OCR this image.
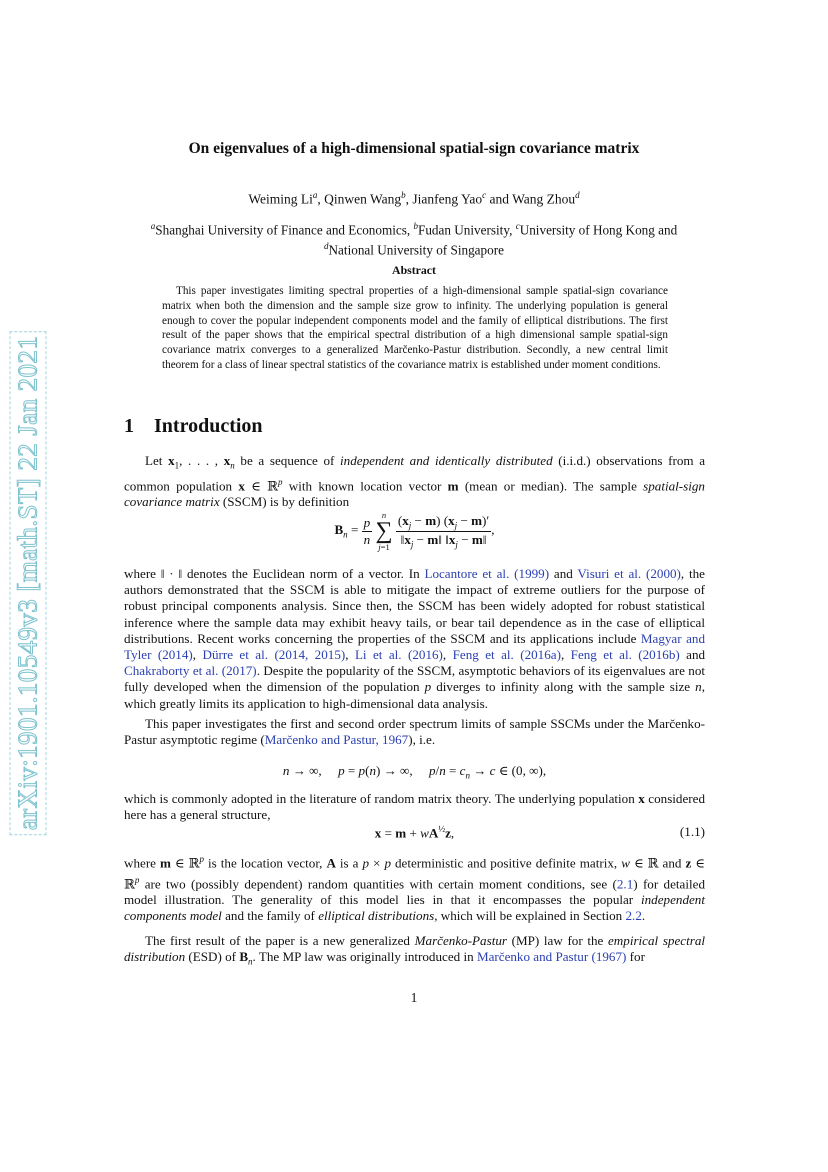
arXiv:1901.10549v3 [math.ST] 22 Jan 2021
On eigenvalues of a high-dimensional spatial-sign covariance matrix
Weiming Li$^a$, Qinwen Wang$^b$, Jianfeng Yao$^c$ and Wang Zhou$^d$
$^a$Shanghai University of Finance and Economics, $^b$Fudan University, $^c$University of Hong Kong and
$^d$National University of Singapore
Abstract
This paper investigates limiting spectral properties of a high-dimensional sample spatial-sign covariance matrix when both the dimension and the sample size grow to infinity. The underlying population is general enough to cover the popular independent components model and the family of elliptical distributions. The first result of the paper shows that the empirical spectral distribution of a high dimensional sample spatial-sign covariance matrix converges to a generalized Marčenko-Pastur distribution. Secondly, a new central limit theorem for a class of linear spectral statistics of the covariance matrix is established under moment conditions.
1 Introduction
Let $x_1$, . . . , $x_n$ be a sequence of independent and identically distributed (i.i.d.) observations from a common population x ∈ ℝ$^p$ with known location vector m (mean or median). The sample spatial-sign covariance matrix (SSCM) is by definition
$B_n = \frac{p}{n}$
	n
∑
j=1
$\frac{(x_j - m) (x_j - m)'}{‖x_j - m‖ ‖x_j - m‖}$ ,
where ‖ · ‖ denotes the Euclidean norm of a vector. In Locantore et al. (1999) and Visuri et al. (2000), the authors demonstrated that the SSCM is able to mitigate the impact of extreme outliers for the purpose of robust principal components analysis. Since then, the SSCM has been widely adopted for robust statistical inference where the sample data may exhibit heavy tails, or bear tail dependence as in the case of elliptical distributions. Recent works concerning the properties of the SSCM and its applications include Magyar and Tyler (2014), Dürre et al. (2014, 2015), Li et al. (2016), Feng et al. (2016a), Feng et al. (2016b) and Chakraborty et al. (2017). Despite the popularity of the SSCM, asymptotic behaviors of its eigenvalues are not fully developed when the dimension of the population p diverges to infinity along with the sample size n, which greatly limits its application to high-dimensional data analysis.
This paper investigates the first and second order spectrum limits of sample SSCMs under the Marčenko-Pastur asymptotic regime (Marčenko and Pastur, 1967), i.e.
n → ∞,     p = p(n) → ∞,     $p/n = c_n \to c$ ∈ (0, ∞),
which is commonly adopted in the literature of random matrix theory. The underlying population x considered here has a general structure,
$x = m + wA^{\frac{1}{2}}z$,	(1.1)
where m ∈ ℝ$^p$ is the location vector, A is a p × p deterministic and positive definite matrix, w ∈ ℝ and z ∈ ℝ$^p$ are two (possibly dependent) random quantities with certain moment conditions, see (2.1) for detailed model illustration. The generality of this model lies in that it encompasses the popular independent components model and the family of elliptical distributions, which will be explained in Section 2.2.
The first result of the paper is a new generalized Marčenko-Pastur (MP) law for the empirical spectral distribution (ESD) of $B_n$. The MP law was originally introduced in Marčenko and Pastur (1967) for
1
